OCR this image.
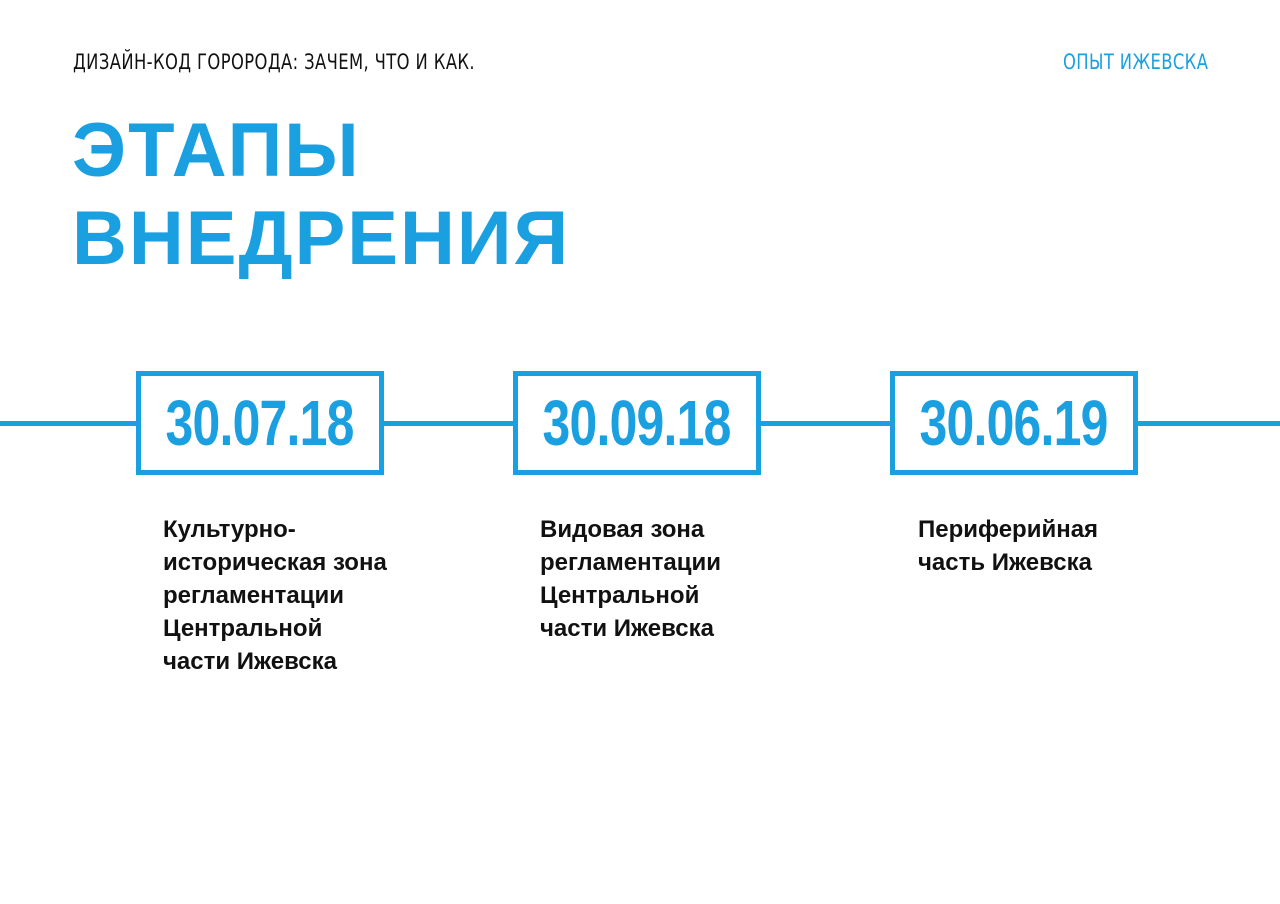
ДИЗАЙН-КОД ГОРОРОДА: ЗАЧЕМ, ЧТО И КАК.	ОПЫТ ИЖЕВСКА
ЭТАПЫ
ВНЕДРЕНИЯ
30.07.18	30.09.18	30.06.19
Культурно-
историческая зона
регламентации
Центральной
части Ижевска
Видовая зона
регламентации
Центральной
части Ижевска
Периферийная
часть Ижевска
